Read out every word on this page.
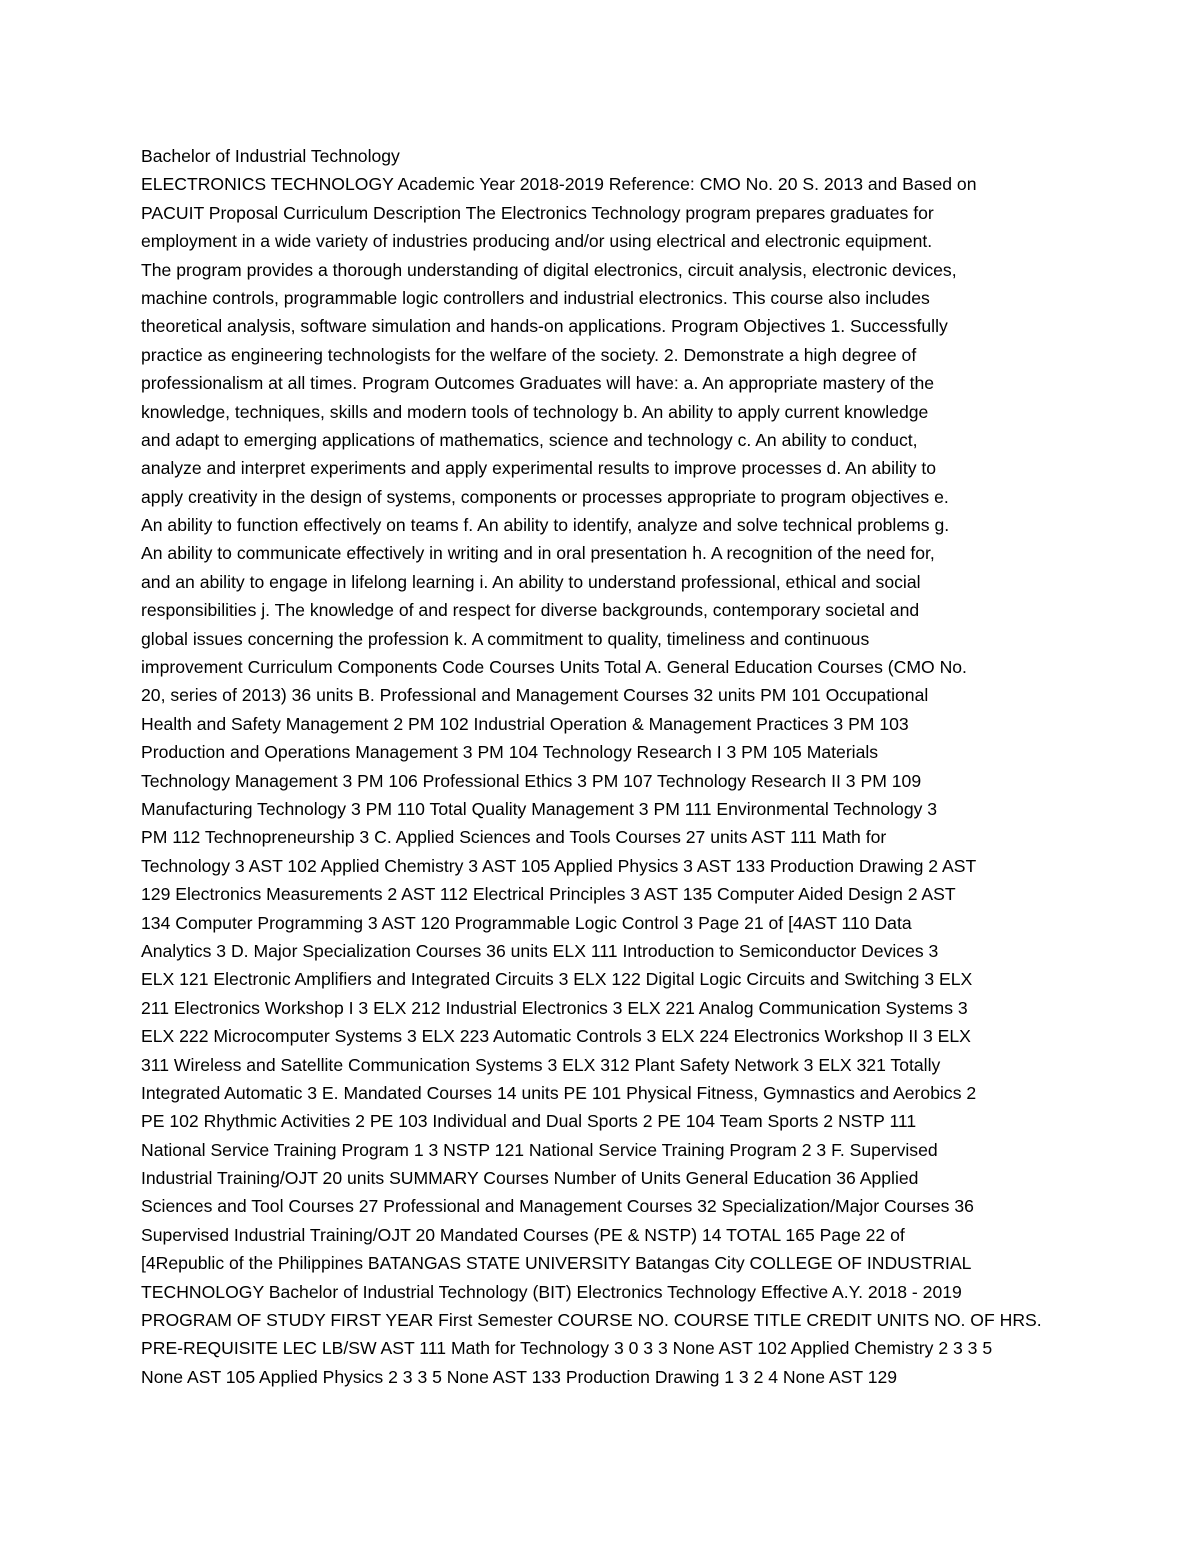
Bachelor of Industrial Technology
ELECTRONICS TECHNOLOGY Academic Year 2018-2019 Reference: CMO No. 20 S. 2013 and Based on
PACUIT Proposal Curriculum Description The Electronics Technology program prepares graduates for
employment in a wide variety of industries producing and/or using electrical and electronic equipment.
The program provides a thorough understanding of digital electronics, circuit analysis, electronic devices,
machine controls, programmable logic controllers and industrial electronics. This course also includes
theoretical analysis, software simulation and hands-on applications. Program Objectives 1. Successfully
practice as engineering technologists for the welfare of the society. 2. Demonstrate a high degree of
professionalism at all times. Program Outcomes Graduates will have: a. An appropriate mastery of the
knowledge, techniques, skills and modern tools of technology b. An ability to apply current knowledge
and adapt to emerging applications of mathematics, science and technology c. An ability to conduct,
analyze and interpret experiments and apply experimental results to improve processes d. An ability to
apply creativity in the design of systems, components or processes appropriate to program objectives e.
An ability to function effectively on teams f. An ability to identify, analyze and solve technical problems g.
An ability to communicate effectively in writing and in oral presentation h. A recognition of the need for,
and an ability to engage in lifelong learning i. An ability to understand professional, ethical and social
responsibilities j. The knowledge of and respect for diverse backgrounds, contemporary societal and
global issues concerning the profession k. A commitment to quality, timeliness and continuous
improvement Curriculum Components Code Courses Units Total A. General Education Courses (CMO No.
20, series of 2013) 36 units B. Professional and Management Courses 32 units PM 101 Occupational
Health and Safety Management 2 PM 102 Industrial Operation & Management Practices 3 PM 103
Production and Operations Management 3 PM 104 Technology Research I 3 PM 105 Materials
Technology Management 3 PM 106 Professional Ethics 3 PM 107 Technology Research II 3 PM 109
Manufacturing Technology 3 PM 110 Total Quality Management 3 PM 111 Environmental Technology 3
PM 112 Technopreneurship 3 C. Applied Sciences and Tools Courses 27 units AST 111 Math for
Technology 3 AST 102 Applied Chemistry 3 AST 105 Applied Physics 3 AST 133 Production Drawing 2 AST
129 Electronics Measurements 2 AST 112 Electrical Principles 3 AST 135 Computer Aided Design 2 AST
134 Computer Programming 3 AST 120 Programmable Logic Control 3 Page 21 of [4AST 110 Data
Analytics 3 D. Major Specialization Courses 36 units ELX 111 Introduction to Semiconductor Devices 3
ELX 121 Electronic Amplifiers and Integrated Circuits 3 ELX 122 Digital Logic Circuits and Switching 3 ELX
211 Electronics Workshop I 3 ELX 212 Industrial Electronics 3 ELX 221 Analog Communication Systems 3
ELX 222 Microcomputer Systems 3 ELX 223 Automatic Controls 3 ELX 224 Electronics Workshop II 3 ELX
311 Wireless and Satellite Communication Systems 3 ELX 312 Plant Safety Network 3 ELX 321 Totally
Integrated Automatic 3 E. Mandated Courses 14 units PE 101 Physical Fitness, Gymnastics and Aerobics 2
PE 102 Rhythmic Activities 2 PE 103 Individual and Dual Sports 2 PE 104 Team Sports 2 NSTP 111
National Service Training Program 1 3 NSTP 121 National Service Training Program 2 3 F. Supervised
Industrial Training/OJT 20 units SUMMARY Courses Number of Units General Education 36 Applied
Sciences and Tool Courses 27 Professional and Management Courses 32 Specialization/Major Courses 36
Supervised Industrial Training/OJT 20 Mandated Courses (PE & NSTP) 14 TOTAL 165 Page 22 of
[4Republic of the Philippines BATANGAS STATE UNIVERSITY Batangas City COLLEGE OF INDUSTRIAL
TECHNOLOGY Bachelor of Industrial Technology (BIT) Electronics Technology Effective A.Y. 2018 - 2019
PROGRAM OF STUDY FIRST YEAR First Semester COURSE NO. COURSE TITLE CREDIT UNITS NO. OF HRS.
PRE-REQUISITE LEC LB/SW AST 111 Math for Technology 3 0 3 3 None AST 102 Applied Chemistry 2 3 3 5
None AST 105 Applied Physics 2 3 3 5 None AST 133 Production Drawing 1 3 2 4 None AST 129
